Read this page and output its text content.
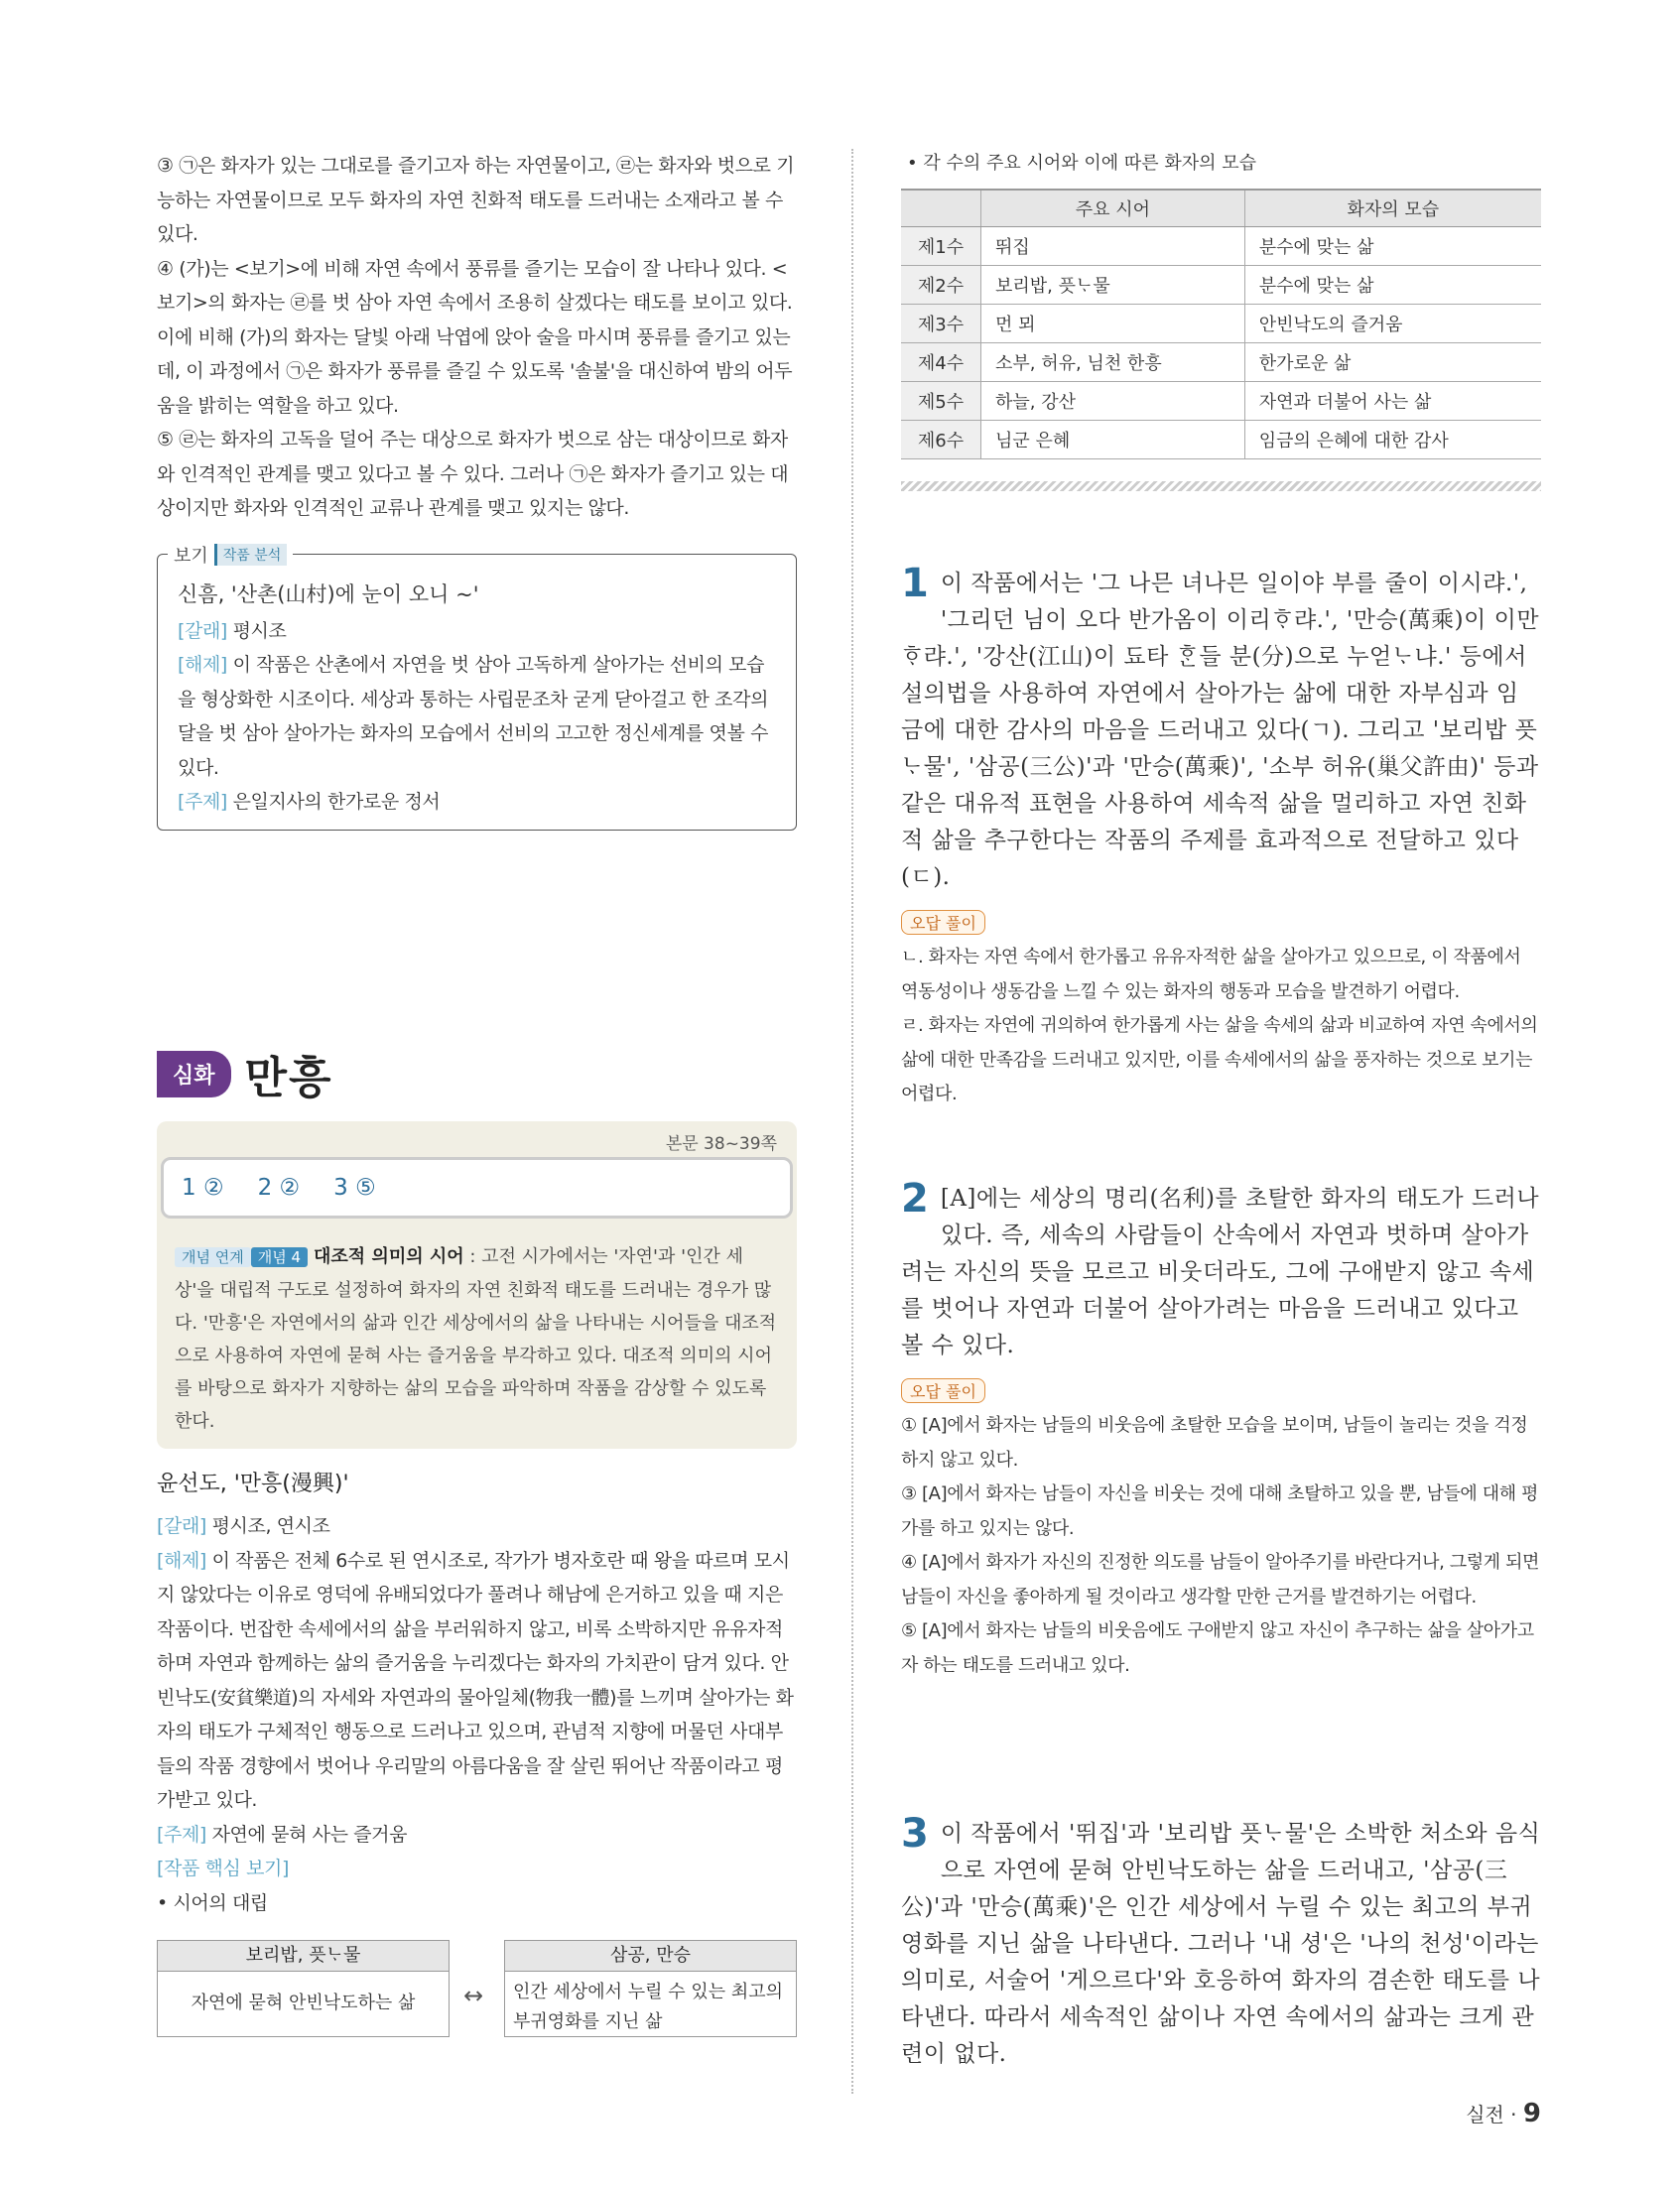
③ ㉠은 화자가 있는 그대로를 즐기고자 하는 자연물이고, ㉣는 화자와 벗으로 기능하는 자연물이므로 모두 화자의 자연 친화적 태도를 드러내는 소재라고 볼 수 있다.

④ (가)는 <보기>에 비해 자연 속에서 풍류를 즐기는 모습이 잘 나타나 있다. <보기>의 화자는 ㉣를 벗 삼아 자연 속에서 조용히 살겠다는 태도를 보이고 있다. 이에 비해 (가)의 화자는 달빛 아래 낙엽에 앉아 술을 마시며 풍류를 즐기고 있는데, 이 과정에서 ㉠은 화자가 풍류를 즐길 수 있도록 '솔불'을 대신하여 밤의 어두움을 밝히는 역할을 하고 있다.

⑤ ㉣는 화자의 고독을 덜어 주는 대상으로 화자가 벗으로 삼는 대상이므로 화자와 인격적인 관계를 맺고 있다고 볼 수 있다. 그러나 ㉠은 화자가 즐기고 있는 대상이지만 화자와 인격적인 교류나 관계를 맺고 있지는 않다.

보기	작품 분석

신흠, '산촌(山村)에 눈이 오니 ~'

[갈래] 평시조

[해제] 이 작품은 산촌에서 자연을 벗 삼아 고독하게 살아가는 선비의 모습을 형상화한 시조이다. 세상과 통하는 사립문조차 굳게 닫아걸고 한 조각의 달을 벗 삼아 살아가는 화자의 모습에서 선비의 고고한 정신세계를 엿볼 수 있다.

[주제] 은일지사의 한가로운 정서

심화 만흥
본문 38~39쪽
1 ② 2 ② 3 ⑤
개념 연계 개념 4 대조적 의미의 시어 : 고전 시가에서는 '자연'과 '인간 세상'을 대립적 구도로 설정하여 화자의 자연 친화적 태도를 드러내는 경우가 많다. '만흥'은 자연에서의 삶과 인간 세상에서의 삶을 나타내는 시어들을 대조적으로 사용하여 자연에 묻혀 사는 즐거움을 부각하고 있다. 대조적 의미의 시어를 바탕으로 화자가 지향하는 삶의 모습을 파악하며 작품을 감상할 수 있도록 한다.

윤선도, '만흥(漫興)'

[갈래] 평시조, 연시조

[해제] 이 작품은 전체 6수로 된 연시조로, 작가가 병자호란 때 왕을 따르며 모시지 않았다는 이유로 영덕에 유배되었다가 풀려나 해남에 은거하고 있을 때 지은 작품이다. 번잡한 속세에서의 삶을 부러워하지 않고, 비록 소박하지만 유유자적하며 자연과 함께하는 삶의 즐거움을 누리겠다는 화자의 가치관이 담겨 있다. 안빈낙도(安貧樂道)의 자세와 자연과의 물아일체(物我一體)를 느끼며 살아가는 화자의 태도가 구체적인 행동으로 드러나고 있으며, 관념적 지향에 머물던 사대부들의 작품 경향에서 벗어나 우리말의 아름다움을 잘 살린 뛰어난 작품이라고 평가받고 있다.

[주제] 자연에 묻혀 사는 즐거움

[작품 핵심 보기]

• 시어의 대립

보리밥, 픗ᄂᆞ물
자연에 묻혀 안빈낙도하는 삶	↔
삼공, 만승
인간 세상에서 누릴 수 있는 최고의 부귀영화를 지닌 삶

• 각 수의 주요 시어와 이에 따른 화자의 모습

	주요 시어	화자의 모습
제1수	뛰집	분수에 맞는 삶
제2수	보리밥, 픗ᄂᆞ물	분수에 맞는 삶
제3수	먼 뫼	안빈낙도의 즐거움
제4수	소부, 허유, 님천 한흥	한가로운 삶
제5수	하늘, 강산	자연과 더불어 사는 삶
제6수	님군 은혜	임금의 은혜에 대한 감사
1 이 작품에서는 '그 나믄 녀나믄 일이야 부를 줄이 이시랴.', '그리던 님이 오다 반가옴이 이리ᄒᆞ랴.', '만승(萬乘)이 이만ᄒᆞ랴.', '강산(江山)이 됴타 ᄒᆞᆫ들 분(分)으로 누얻ᄂᆞ냐.' 등에서 설의법을 사용하여 자연에서 살아가는 삶에 대한 자부심과 임금에 대한 감사의 마음을 드러내고 있다(ㄱ). 그리고 '보리밥 픗ᄂᆞ물', '삼공(三公)'과 '만승(萬乘)', '소부 허유(巢父許由)' 등과 같은 대유적 표현을 사용하여 세속적 삶을 멀리하고 자연 친화적 삶을 추구한다는 작품의 주제를 효과적으로 전달하고 있다(ㄷ).

오답 풀이

ㄴ. 화자는 자연 속에서 한가롭고 유유자적한 삶을 살아가고 있으므로, 이 작품에서 역동성이나 생동감을 느낄 수 있는 화자의 행동과 모습을 발견하기 어렵다.

ㄹ. 화자는 자연에 귀의하여 한가롭게 사는 삶을 속세의 삶과 비교하여 자연 속에서의 삶에 대한 만족감을 드러내고 있지만, 이를 속세에서의 삶을 풍자하는 것으로 보기는 어렵다.

2 [A]에는 세상의 명리(名利)를 초탈한 화자의 태도가 드러나 있다. 즉, 세속의 사람들이 산속에서 자연과 벗하며 살아가려는 자신의 뜻을 모르고 비웃더라도, 그에 구애받지 않고 속세를 벗어나 자연과 더불어 살아가려는 마음을 드러내고 있다고 볼 수 있다.

오답 풀이

① [A]에서 화자는 남들의 비웃음에 초탈한 모습을 보이며, 남들이 놀리는 것을 걱정하지 않고 있다.

③ [A]에서 화자는 남들이 자신을 비웃는 것에 대해 초탈하고 있을 뿐, 남들에 대해 평가를 하고 있지는 않다.

④ [A]에서 화자가 자신의 진정한 의도를 남들이 알아주기를 바란다거나, 그렇게 되면 남들이 자신을 좋아하게 될 것이라고 생각할 만한 근거를 발견하기는 어렵다.

⑤ [A]에서 화자는 남들의 비웃음에도 구애받지 않고 자신이 추구하는 삶을 살아가고자 하는 태도를 드러내고 있다.

3 이 작품에서 '뛰집'과 '보리밥 픗ᄂᆞ물'은 소박한 처소와 음식으로 자연에 묻혀 안빈낙도하는 삶을 드러내고, '삼공(三公)'과 '만승(萬乘)'은 인간 세상에서 누릴 수 있는 최고의 부귀영화를 지닌 삶을 나타낸다. 그러나 '내 셩'은 '나의 천성'이라는 의미로, 서술어 '게으르다'와 호응하여 화자의 겸손한 태도를 나타낸다. 따라서 세속적인 삶이나 자연 속에서의 삶과는 크게 관련이 없다.

실전 · 9
